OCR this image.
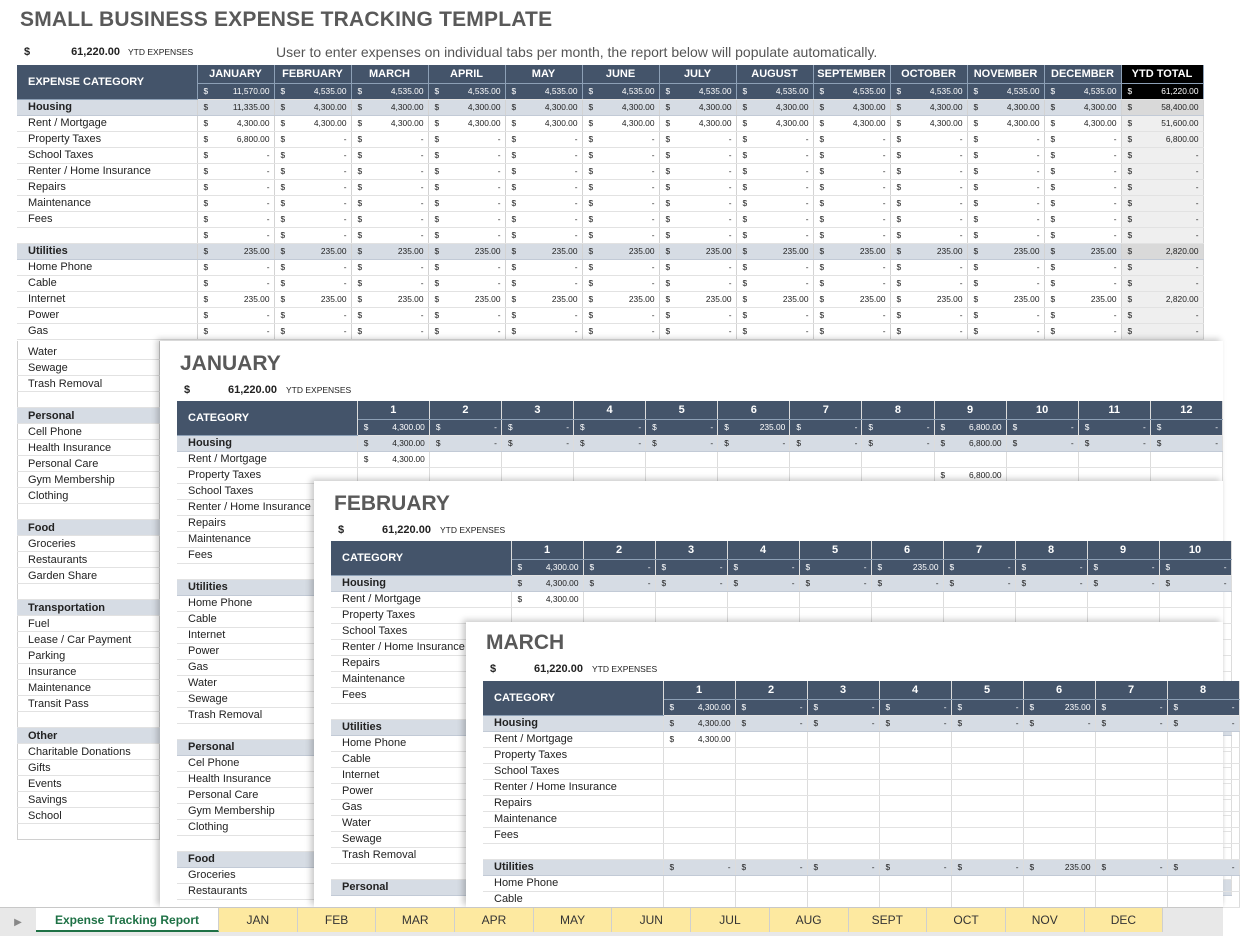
SMALL BUSINESS EXPENSE TRACKING TEMPLATE
$	61,220.00 YTD EXPENSES	User to enter expenses on individual tabs per month, the report below will populate automatically.
EXPENSE CATEGORY	JANUARY	FEBRUARY	MARCH	APRIL	MAY	JUNE	JULY	AUGUST	SEPTEMBER	OCTOBER	NOVEMBER	DECEMBER	YTD TOTAL

	$ 11,570.00	$ 4,535.00	$ 4,535.00	$ 4,535.00	$ 4,535.00	$ 4,535.00	$ 4,535.00	$ 4,535.00	$ 4,535.00	$ 4,535.00	$ 4,535.00	$ 4,535.00	$ 61,220.00

Housing	$ 11,335.00	$ 4,300.00	$ 4,300.00	$ 4,300.00	$ 4,300.00	$ 4,300.00	$ 4,300.00	$ 4,300.00	$ 4,300.00	$ 4,300.00	$ 4,300.00	$ 4,300.00	$ 58,400.00

Rent / Mortgage	$ 4,300.00	$ 4,300.00	$ 4,300.00	$ 4,300.00	$ 4,300.00	$ 4,300.00	$ 4,300.00	$ 4,300.00	$ 4,300.00	$ 4,300.00	$ 4,300.00	$ 4,300.00	$ 51,600.00

Property Taxes	$ 6,800.00	$ -	$ -	$ -	$ -	$ -	$ -	$ -	$ -	$ -	$ -	$ -	$ 6,800.00

School Taxes	$ -	$ -	$ -	$ -	$ -	$ -	$ -	$ -	$ -	$ -	$ -	$ -	$ -

Renter / Home Insurance	$ -	$ -	$ -	$ -	$ -	$ -	$ -	$ -	$ -	$ -	$ -	$ -	$ -

Repairs	$ -	$ -	$ -	$ -	$ -	$ -	$ -	$ -	$ -	$ -	$ -	$ -	$ -

Maintenance	$ -	$ -	$ -	$ -	$ -	$ -	$ -	$ -	$ -	$ -	$ -	$ -	$ -

Fees	$ -	$ -	$ -	$ -	$ -	$ -	$ -	$ -	$ -	$ -	$ -	$ -	$ -

	$ -	$ -	$ -	$ -	$ -	$ -	$ -	$ -	$ -	$ -	$ -	$ -	$ -

Utilities	$ 235.00	$ 235.00	$ 235.00	$ 235.00	$ 235.00	$ 235.00	$ 235.00	$ 235.00	$ 235.00	$ 235.00	$ 235.00	$ 235.00	$ 2,820.00

Home Phone	$ -	$ -	$ -	$ -	$ -	$ -	$ -	$ -	$ -	$ -	$ -	$ -	$ -

Cable	$ -	$ -	$ -	$ -	$ -	$ -	$ -	$ -	$ -	$ -	$ -	$ -	$ -

Internet	$ 235.00	$ 235.00	$ 235.00	$ 235.00	$ 235.00	$ 235.00	$ 235.00	$ 235.00	$ 235.00	$ 235.00	$ 235.00	$ 235.00	$ 2,820.00

Power	$ -	$ -	$ -	$ -	$ -	$ -	$ -	$ -	$ -	$ -	$ -	$ -	$ -

Gas	$ -	$ -	$ -	$ -	$ -	$ -	$ -	$ -	$ -	$ -	$ -	$ -	$ -
Water
Sewage
Trash Removal
Personal
Cell Phone
Health Insurance
Personal Care
Gym Membership
Clothing
Food
Groceries
Restaurants
Garden Share
Transportation
Fuel
Lease / Car Payment
Parking
Insurance
Maintenance
Transit Pass
Other
Charitable Donations
Gifts
Events
Savings
School
JANUARY
$	61,220.00 YTD EXPENSES
CATEGORY	1	2	3	4	5	6	7	8	9	10	11	12

	$ 4,300.00	$ -	$ -	$ -	$ -	$ 235.00	$ -	$ -	$ 6,800.00	$ -	$ -	$ -

Housing	$ 4,300.00	$ -	$ -	$ -	$ -	$ -	$ -	$ -	$ 6,800.00	$ -	$ -	$ -

Rent / Mortgage	$ 4,300.00											

Property Taxes									$ 6,800.00			

School Taxes												
Renter / Home Insurance												
Repairs												
Maintenance												
Fees												

Utilities												
Home Phone												
Cable												
Internet												
Power												
Gas												
Water												
Sewage												
Trash Removal												

Personal												
Cel Phone												
Health Insurance												
Personal Care												
Gym Membership												
Clothing												

Food												
Groceries												
Restaurants												
FEBRUARY
$	61,220.00 YTD EXPENSES
CATEGORY	1	2	3	4	5	6	7	8	9	10

	$ 4,300.00	$ -	$ -	$ -	$ -	$ 235.00	$ -	$ -	$ -	$ -

Housing	$ 4,300.00	$ -	$ -	$ -	$ -	$ -	$ -	$ -	$ -	$ -

Rent / Mortgage	$ 4,300.00									

Property Taxes										
School Taxes										
Renter / Home Insurance										
Repairs										
Maintenance										
Fees										

Utilities										
Home Phone										
Cable										
Internet										
Power										
Gas										
Water										
Sewage										
Trash Removal										

Personal										
MARCH
$	61,220.00 YTD EXPENSES
CATEGORY	1	2	3	4	5	6	7	8

	$ 4,300.00	$ -	$ -	$ -	$ -	$ 235.00	$ -	$ -

Housing	$ 4,300.00	$ -	$ -	$ -	$ -	$ -	$ -	$ -

Rent / Mortgage	$ 4,300.00							

Property Taxes								
School Taxes								
Renter / Home Insurance								
Repairs								
Maintenance								
Fees								

Utilities	$ -	$ -	$ -	$ -	$ -	$ 235.00	$ -	$ -

Home Phone								
Cable								
▶	Expense Tracking Report	JAN	FEB	MAR	APR	MAY	JUN	JUL	AUG	SEPT	OCT	NOV	DEC
